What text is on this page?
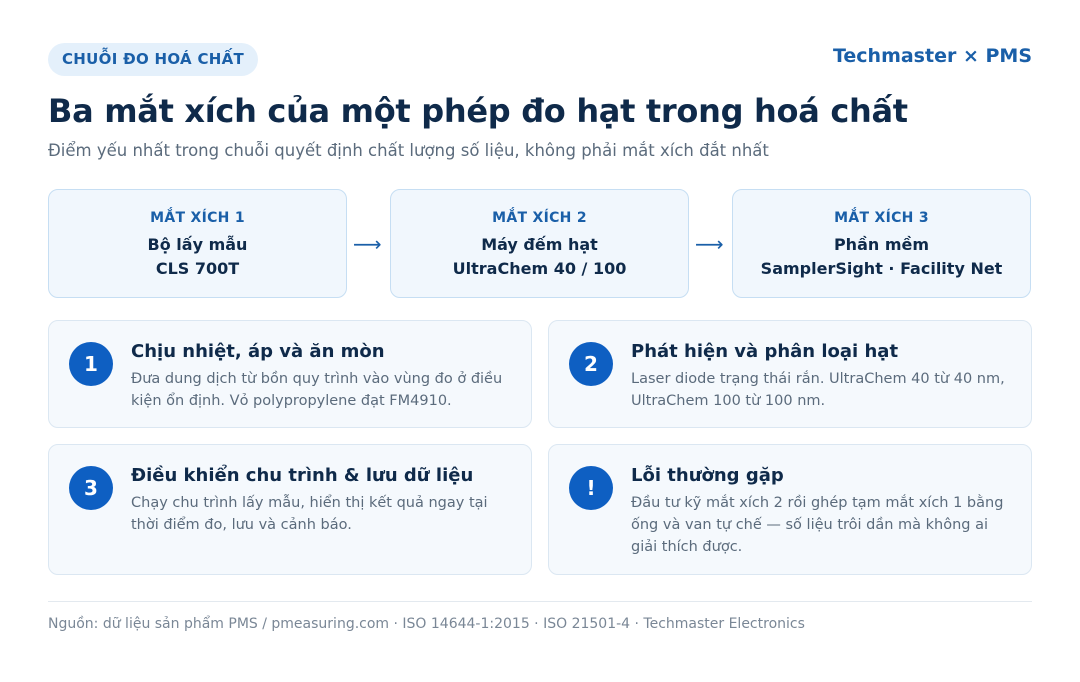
CHUỖI ĐO HOÁ CHẤT	Techmaster × PMS
Ba mắt xích của một phép đo hạt trong hoá chất
Điểm yếu nhất trong chuỗi quyết định chất lượng số liệu, không phải mắt xích đắt nhất
MẮT XÍCH 1
Bộ lấy mẫu
CLS 700T
⟶
MẮT XÍCH 2
Máy đếm hạt
UltraChem 40 / 100
⟶
MẮT XÍCH 3
Phần mềm
SamplerSight · Facility Net
1
Chịu nhiệt, áp và ăn mòn
Đưa dung dịch từ bồn quy trình vào vùng đo ở điều kiện ổn định. Vỏ polypropylene đạt FM4910.
2
Phát hiện và phân loại hạt
Laser diode trạng thái rắn. UltraChem 40 từ 40 nm, UltraChem 100 từ 100 nm.
3
Điều khiển chu trình & lưu dữ liệu
Chạy chu trình lấy mẫu, hiển thị kết quả ngay tại thời điểm đo, lưu và cảnh báo.
!
Lỗi thường gặp
Đầu tư kỹ mắt xích 2 rồi ghép tạm mắt xích 1 bằng ống và van tự chế — số liệu trôi dần mà không ai giải thích được.
Nguồn: dữ liệu sản phẩm PMS / pmeasuring.com · ISO 14644-1:2015 · ISO 21501-4 · Techmaster Electronics
